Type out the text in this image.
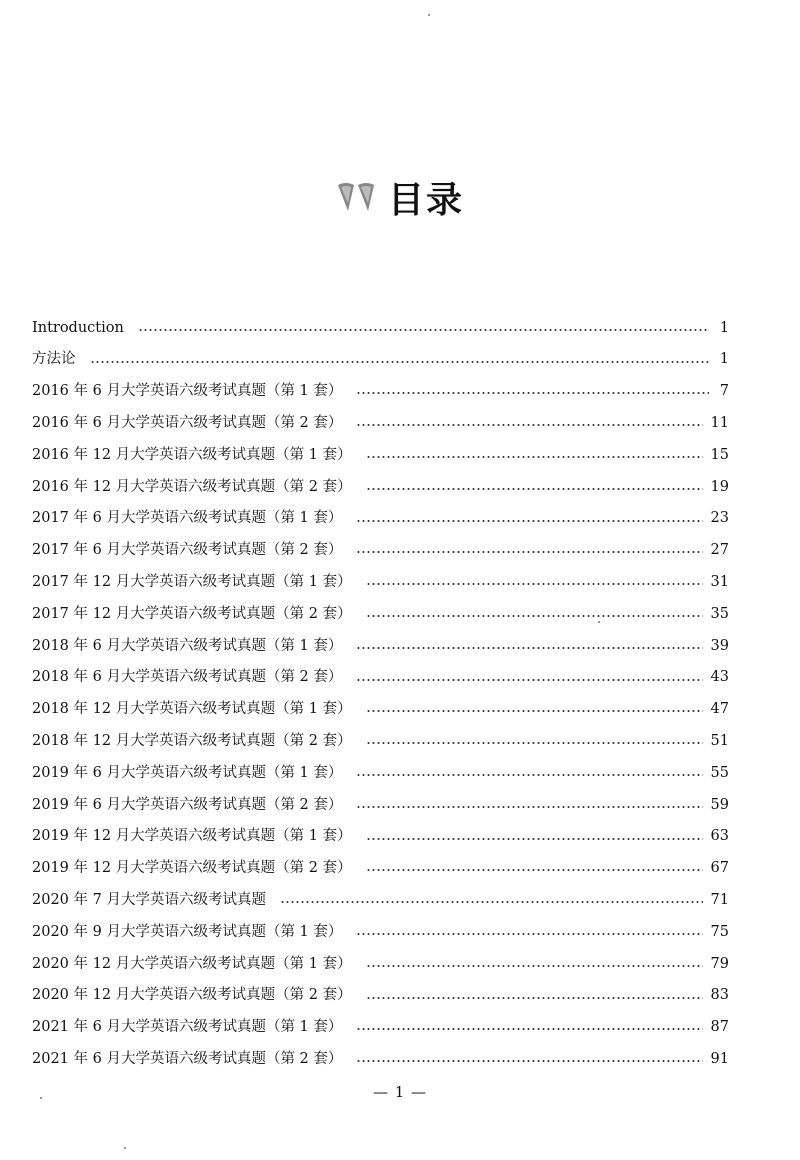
目录
Introduction	1
方法论	1
2016 年 6 月大学英语六级考试真题（第 1 套）	7
2016 年 6 月大学英语六级考试真题（第 2 套）	11
2016 年 12 月大学英语六级考试真题（第 1 套）	15
2016 年 12 月大学英语六级考试真题（第 2 套）	19
2017 年 6 月大学英语六级考试真题（第 1 套）	23
2017 年 6 月大学英语六级考试真题（第 2 套）	27
2017 年 12 月大学英语六级考试真题（第 1 套）	31
2017 年 12 月大学英语六级考试真题（第 2 套）	35
2018 年 6 月大学英语六级考试真题（第 1 套）	39
2018 年 6 月大学英语六级考试真题（第 2 套）	43
2018 年 12 月大学英语六级考试真题（第 1 套）	47
2018 年 12 月大学英语六级考试真题（第 2 套）	51
2019 年 6 月大学英语六级考试真题（第 1 套）	55
2019 年 6 月大学英语六级考试真题（第 2 套）	59
2019 年 12 月大学英语六级考试真题（第 1 套）	63
2019 年 12 月大学英语六级考试真题（第 2 套）	67
2020 年 7 月大学英语六级考试真题	71
2020 年 9 月大学英语六级考试真题（第 1 套）	75
2020 年 12 月大学英语六级考试真题（第 1 套）	79
2020 年 12 月大学英语六级考试真题（第 2 套）	83
2021 年 6 月大学英语六级考试真题（第 1 套）	87
2021 年 6 月大学英语六级考试真题（第 2 套）	91
— 1 —
